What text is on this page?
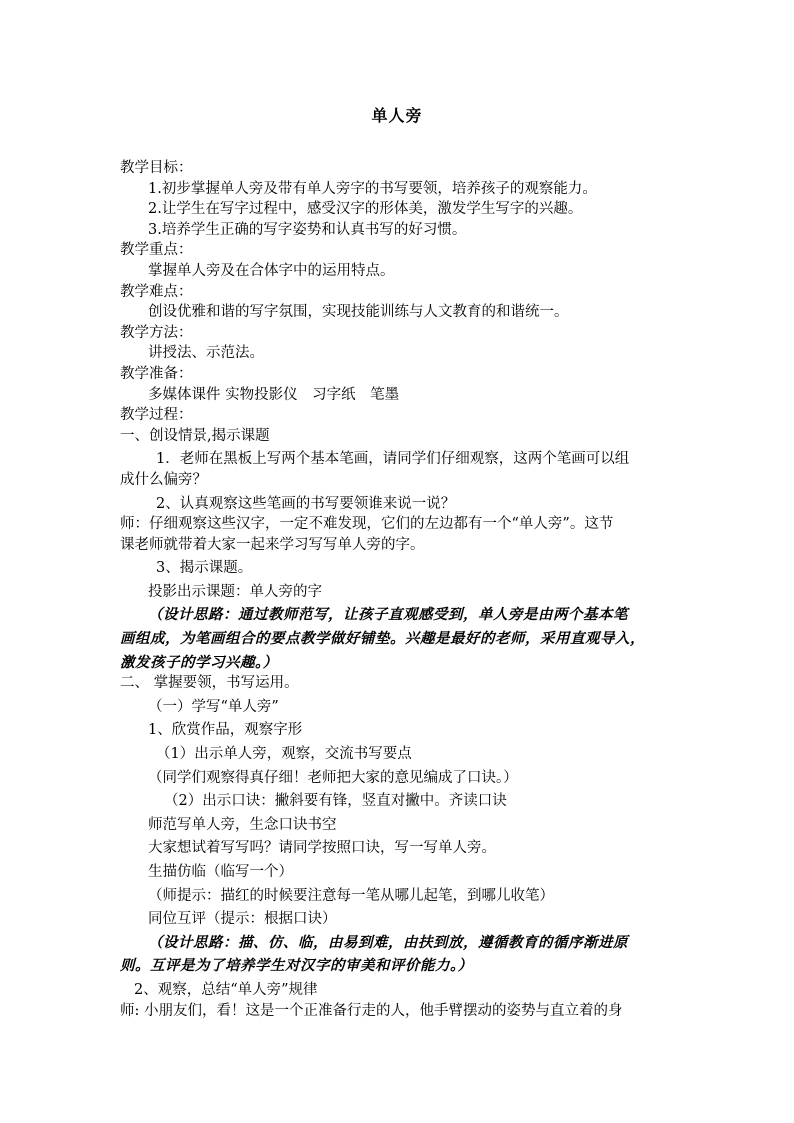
单人旁
教学目标：
1.初步掌握单人旁及带有单人旁字的书写要领，培养孩子的观察能力。
2.让学生在写字过程中，感受汉字的形体美，激发学生写字的兴趣。
3.培养学生正确的写字姿势和认真书写的好习惯。
教学重点：
掌握单人旁及在合体字中的运用特点。
教学难点：
创设优雅和谐的写字氛围，实现技能训练与人文教育的和谐统一。
教学方法：
讲授法、示范法。
教学准备：
多媒体课件 实物投影仪　习字纸　笔墨
教学过程：
一、创设情景,揭示课题
1．老师在黑板上写两个基本笔画，请同学们仔细观察，这两个笔画可以组
成什么偏旁？
2、认真观察这些笔画的书写要领谁来说一说？
师：仔细观察这些汉字，一定不难发现，它们的左边都有一个“单人旁”。这节
课老师就带着大家一起来学习写写单人旁的字。
3、揭示课题。
投影出示课题：单人旁的字
（设计思路：通过教师范写，让孩子直观感受到，单人旁是由两个基本笔
画组成，为笔画组合的要点教学做好铺垫。兴趣是最好的老师，采用直观导入，
激发孩子的学习兴趣。）
二、 掌握要领，书写运用。
（一）学写“单人旁”
1、欣赏作品，观察字形
（1）出示单人旁，观察，交流书写要点
（同学们观察得真仔细！老师把大家的意见编成了口诀。）
（2）出示口诀：撇斜要有锋，竖直对撇中。齐读口诀
师范写单人旁，生念口诀书空
大家想试着写写吗？请同学按照口诀，写一写单人旁。
生描仿临（临写一个）
（师提示：描红的时候要注意每一笔从哪儿起笔，到哪儿收笔）
同位互评（提示：根据口诀）
（设计思路：描、仿、临，由易到难，由扶到放，遵循教育的循序渐进原
则。互评是为了培养学生对汉字的审美和评价能力。）
2、观察，总结“单人旁”规律
师: 小朋友们，看！这是一个正准备行走的人，他手臂摆动的姿势与直立着的身
